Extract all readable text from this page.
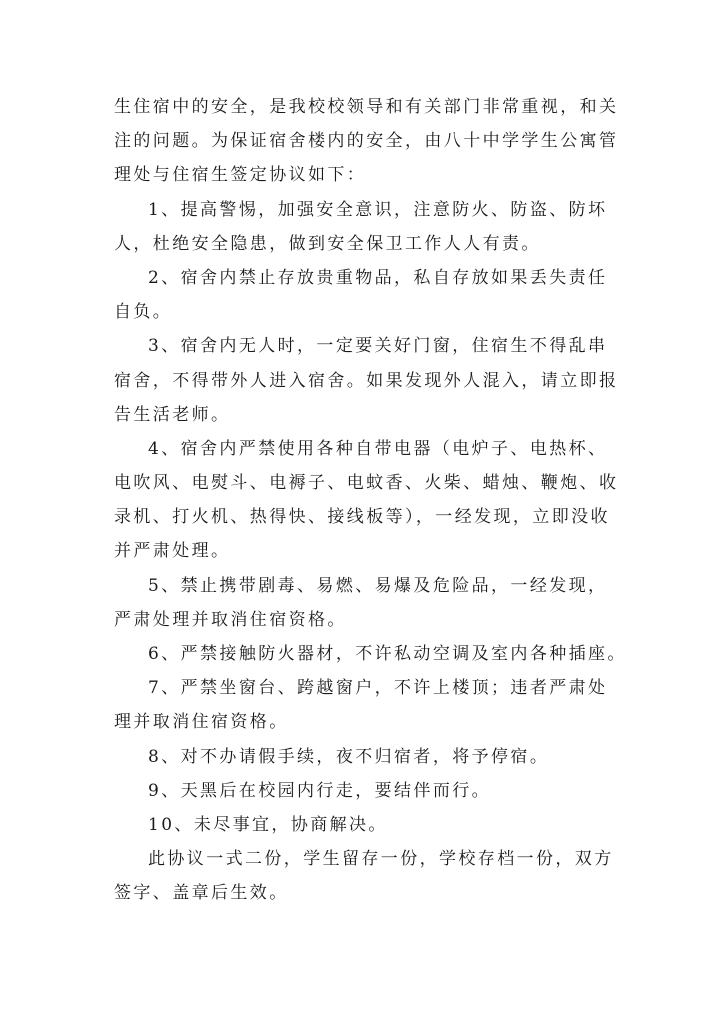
生住宿中的安全，是我校校领导和有关部门非常重视，和关
注的问题。为保证宿舍楼内的安全，由八十中学学生公寓管
理处与住宿生签定协议如下：
1、提高警惕，加强安全意识，注意防火、防盗、防坏
人，杜绝安全隐患，做到安全保卫工作人人有责。
2、宿舍内禁止存放贵重物品，私自存放如果丢失责任
自负。
3、宿舍内无人时，一定要关好门窗，住宿生不得乱串
宿舍，不得带外人进入宿舍。如果发现外人混入，请立即报
告生活老师。
4、宿舍内严禁使用各种自带电器（电炉子、电热杯、
电吹风、电熨斗、电褥子、电蚊香、火柴、蜡烛、鞭炮、收
录机、打火机、热得快、接线板等），一经发现，立即没收
并严肃处理。
5、禁止携带剧毒、易燃、易爆及危险品，一经发现，
严肃处理并取消住宿资格。
6、严禁接触防火器材，不许私动空调及室内各种插座。
7、严禁坐窗台、跨越窗户，不许上楼顶；违者严肃处
理并取消住宿资格。
8、对不办请假手续，夜不归宿者，将予停宿。
9、天黑后在校园内行走，要结伴而行。
10、未尽事宜，协商解决。
此协议一式二份，学生留存一份，学校存档一份，双方
签字、盖章后生效。
